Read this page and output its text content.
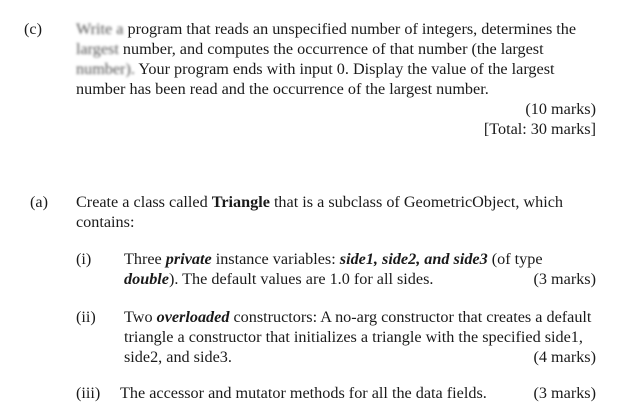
(c) Write a program that reads an unspecified number of integers, determines the
largest number, and computes the occurrence of that number (the largest
number). Your program ends with input 0. Display the value of the largest
number has been read and the occurrence of the largest number.
(10 marks)
[Total: 30 marks]
(a) Create a class called Triangle that is a subclass of GeometricObject, which
contains:
(i) Three private instance variables: side1, side2, and side3 (of type
double). The default values are 1.0 for all sides.	(3 marks)
(ii) Two overloaded constructors: A no-arg constructor that creates a default
triangle a constructor that initializes a triangle with the specified side1,
side2, and side3.	(4 marks)
(iii) The accessor and mutator methods for all the data fields.	(3 marks)
